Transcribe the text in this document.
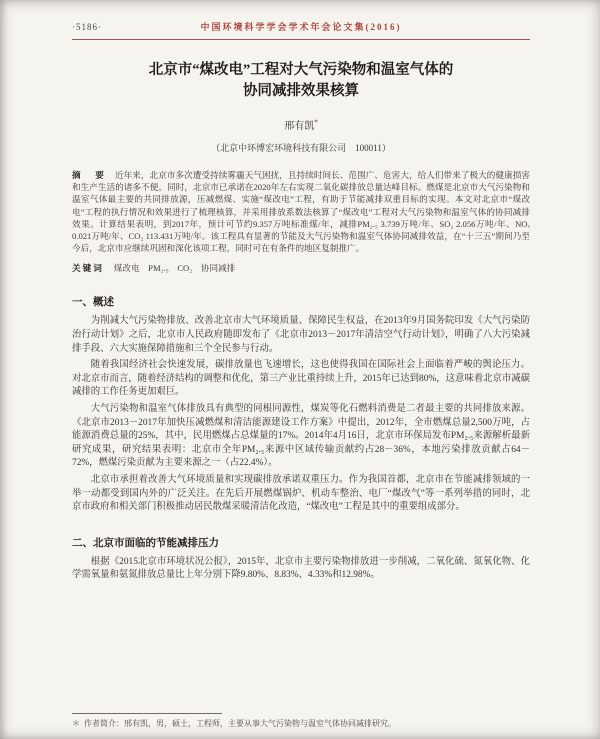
·5186·	中国环境科学学会学术年会论文集(2016)
北京市“煤改电”工程对大气污染物和温室气体的
协同减排效果核算
邢有凯*
（北京中环博宏环境科技有限公司　100011）
摘　要 近年来，北京市多次遭受持续雾霾天气困扰，且持续时间长、范围广、危害大，给人们带来了极大的健康损害和生产生活的诸多不便。同时，北京市已承诺在2020年左右实现二氧化碳排放总量达峰目标。燃煤是北京市大气污染物和温室气体最主要的共同排放源，压减燃煤、实施“煤改电”工程，有助于节能减排双重目标的实现。本文对北京市“煤改电”工程的执行情况和效果进行了梳理核算，并采用排放系数法核算了“煤改电”工程对大气污染物和温室气体的协同减排效果。计算结果表明，到2017年，预计可节约9.357万吨标准煤/年，减排PM₂.₅ 3.739万吨/年、SO₂ 2.056万吨/年、NOₓ 0.021万吨/年、CO₂ 113.431万吨/年。该工程具有显著的节能及大气污染物和温室气体协同减排效益，在“十三五”期间乃至今后，北京市应继续巩固和深化该项工程，同时可在有条件的地区复制推广。
关键词 煤改电　PM₂.₅　CO₂　协同减排
一、概述

为削减大气污染物排放、改善北京市大气环境质量、保障民生权益，在2013年9月国务院印发《大气污染防治行动计划》之后，北京市人民政府随即发布了《北京市2013－2017年清洁空气行动计划》，明确了八大污染减排手段、六大实施保障措施和三个全民参与行动。

随着我国经济社会快速发展，碳排放量也飞速增长，这也使得我国在国际社会上面临着严峻的舆论压力。对北京市而言，随着经济结构的调整和优化，第三产业比重持续上升，2015年已达到80%，这意味着北京市减碳减排的工作任务更加艰巨。

大气污染物和温室气体排放具有典型的同根同源性，煤炭等化石燃料消费是二者最主要的共同排放来源。《北京市2013－2017年加快压减燃煤和清洁能源建设工作方案》中提出，2012年，全市燃煤总量2,500万吨，占能源消费总量的25%，其中，民用燃煤占总煤量的17%。2014年4月16日，北京市环保局发布PM₂.₅来源解析最新研究成果，研究结果表明：北京市全年PM₂.₅来源中区域传输贡献约占28－36%，本地污染排放贡献占64－72%，燃煤污染贡献为主要来源之一（占22.4%）。

北京市承担着改善大气环境质量和实现碳排放承诺双重压力。作为我国首都，北京市在节能减排领域的一举一动都受到国内外的广泛关注。在先后开展燃煤锅炉、机动车整治、电厂“煤改气”等一系列举措的同时，北京市政府和相关部门积极推动居民散煤采暖清洁化改造，“煤改电”工程是其中的重要组成部分。

二、北京市面临的节能减排压力

根据《2015北京市环境状况公报》，2015年，北京市主要污染物排放进一步削减，二氧化硫、氮氧化物、化学需氧量和氨氮排放总量比上年分别下降9.80%、8.83%、4.33%和12.98%。

＊ 作者简介：邢有凯，男，硕士，工程师，主要从事大气污染物与温室气体协同减排研究。
